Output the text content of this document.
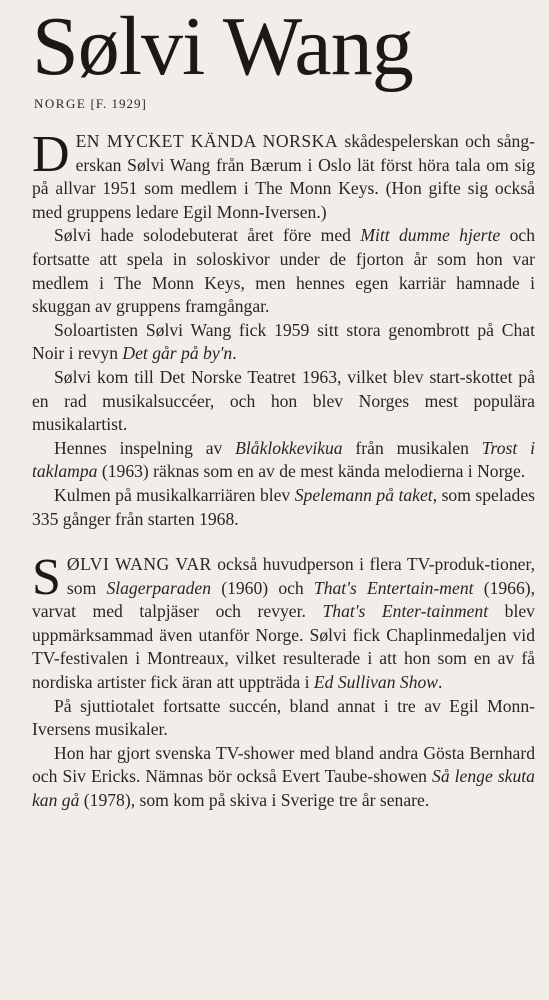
Sølvi Wang
NORGE [F. 1929]

DEN MYCKET KÄNDA NORSKA skådespelerskan och sång-erskan Sølvi Wang från Bærum i Oslo lät först höra tala om sig på allvar 1951 som medlem i The Monn Keys. (Hon gifte sig också med gruppens ledare Egil Monn-Iversen.)

Sølvi hade solodebuterat året före med Mitt dumme hjerte och fortsatte att spela in soloskivor under de fjorton år som hon var medlem i The Monn Keys, men hennes egen karriär hamnade i skuggan av gruppens framgångar.

Soloartisten Sølvi Wang fick 1959 sitt stora genombrott på Chat Noir i revyn Det går på by'n.

Sølvi kom till Det Norske Teatret 1963, vilket blev start-skottet på en rad musikalsuccéer, och hon blev Norges mest populära musikalartist.

Hennes inspelning av Blåklokkevikua från musikalen Trost i taklampa (1963) räknas som en av de mest kända melodierna i Norge.

Kulmen på musikalkarriären blev Spelemann på taket, som spelades 335 gånger från starten 1968.

SØLVI WANG VAR också huvudperson i flera TV-produk-tioner, som Slagerparaden (1960) och That's Entertain-ment (1966), varvat med talpjäser och revyer. That's Enter-tainment blev uppmärksammad även utanför Norge. Sølvi fick Chaplinmedaljen vid TV-festivalen i Montreaux, vilket resulterade i att hon som en av få nordiska artister fick äran att uppträda i Ed Sullivan Show.

På sjuttiotalet fortsatte succén, bland annat i tre av Egil Monn-Iversens musikaler.

Hon har gjort svenska TV-shower med bland andra Gösta Bernhard och Siv Ericks. Nämnas bör också Evert Taube-showen Så lenge skuta kan gå (1978), som kom på skiva i Sverige tre år senare.
